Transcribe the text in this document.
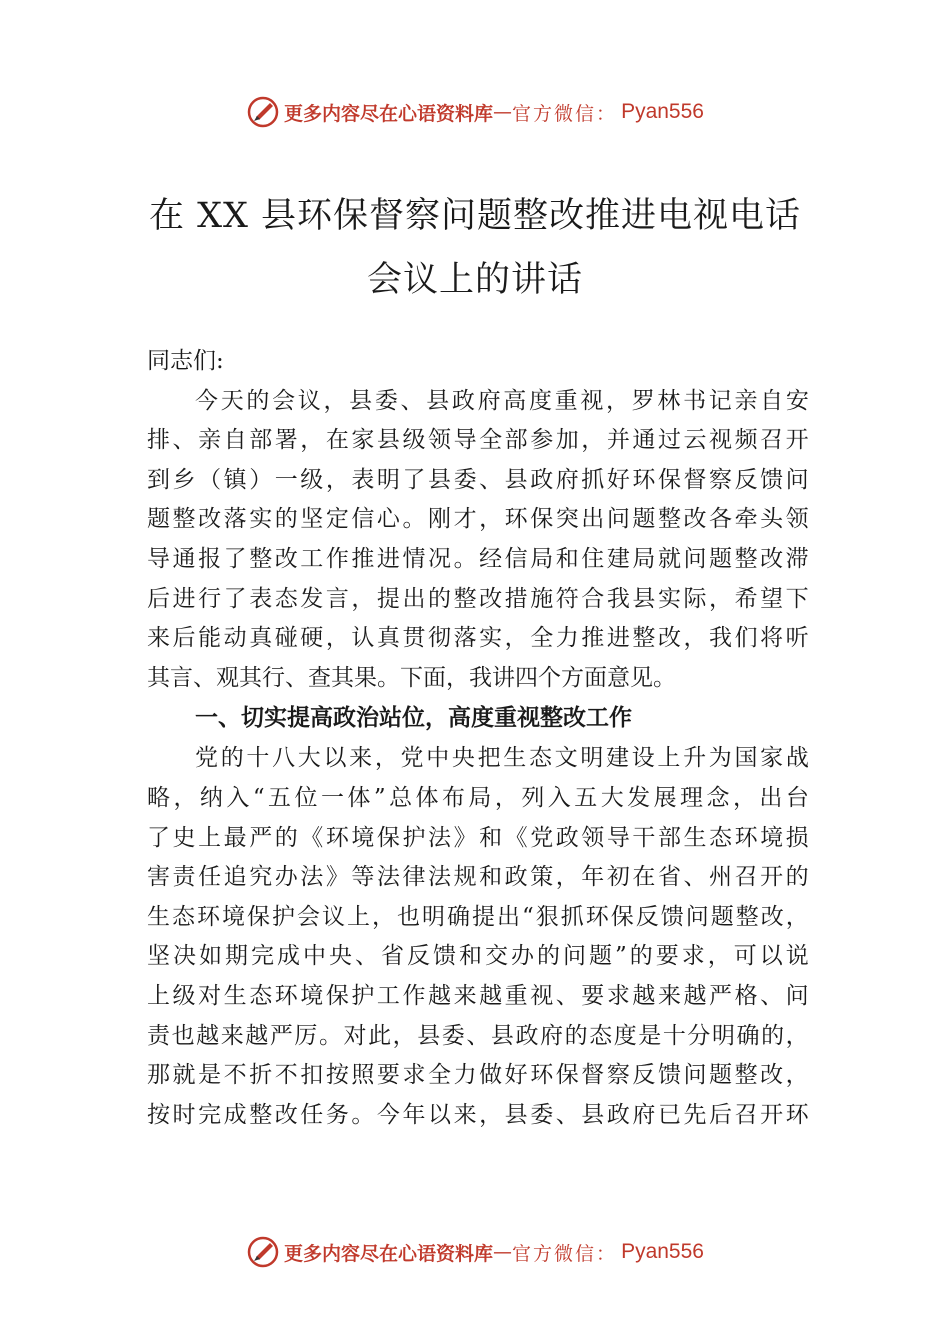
更多内容尽在心语资料库 — 官方微信： Pyan556
在 XX 县环保督察问题整改推进电视电话
会议上的讲话
同志们:
今 天 的 会 议 ， 县 委 、 县 政 府 高 度 重 视 ， 罗 林 书 记 亲 自 安
排 、 亲 自 部 署 ， 在 家 县 级 领 导 全 部 参 加 ， 并 通 过 云 视 频 召 开
到 乡 （ 镇 ） 一 级 ， 表 明 了 县 委 、 县 政 府 抓 好 环 保 督 察 反 馈 问
题 整 改 落 实 的 坚 定 信 心 。 刚 才 ， 环 保 突 出 问 题 整 改 各 牵 头 领
导 通 报 了 整 改 工 作 推 进 情 况 。 经 信 局 和 住 建 局 就 问 题 整 改 滞
后 进 行 了 表 态 发 言 ， 提 出 的 整 改 措 施 符 合 我 县 实 际 ， 希 望 下
来 后 能 动 真 碰 硬 ， 认 真 贯 彻 落 实 ， 全 力 推 进 整 改 ， 我 们 将 听
其言、观其行、查其果。下面，我讲四个方面意见。
一、切实提高政治站位，高度重视整改工作
党 的 十 八 大 以 来 ， 党 中 央 把 生 态 文 明 建 设 上 升 为 国 家 战
略 ， 纳 入 “ 五 位 一 体 ” 总 体 布 局 ， 列 入 五 大 发 展 理 念 ， 出 台
了 史 上 最 严 的 《 环 境 保 护 法 》 和 《 党 政 领 导 干 部 生 态 环 境 损
害 责 任 追 究 办 法 》 等 法 律 法 规 和 政 策 ， 年 初 在 省 、 州 召 开 的
生 态 环 境 保 护 会 议 上 ， 也 明 确 提 出 “ 狠 抓 环 保 反 馈 问 题 整 改 ，
坚 决 如 期 完 成 中 央 、 省 反 馈 和 交 办 的 问 题 ” 的 要 求 ， 可 以 说
上 级 对 生 态 环 境 保 护 工 作 越 来 越 重 视 、 要 求 越 来 越 严 格 、 问
责 也 越 来 越 严 厉 。 对 此 ， 县 委 、 县 政 府 的 态 度 是 十 分 明 确 的 ，
那 就 是 不 折 不 扣 按 照 要 求 全 力 做 好 环 保 督 察 反 馈 问 题 整 改 ，
按 时 完 成 整 改 任 务 。 今 年 以 来 ， 县 委 、 县 政 府 已 先 后 召 开 环
更多内容尽在心语资料库 — 官方微信： Pyan556
